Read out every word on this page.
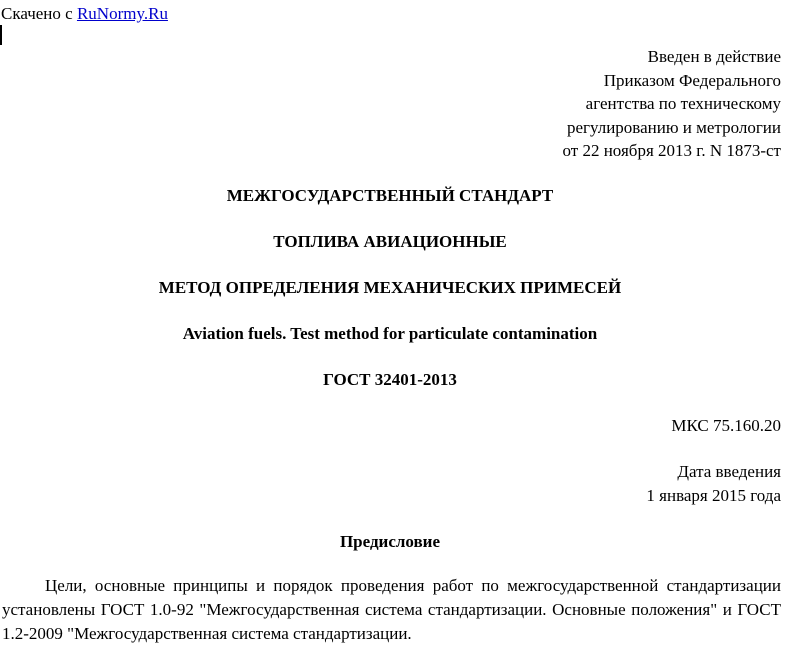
Скачено с RuNormy.Ru
Введен в действие
Приказом Федерального
агентства по техническому
регулированию и метрологии
от 22 ноября 2013 г. N 1873-ст
МЕЖГОСУДАРСТВЕННЫЙ СТАНДАРТ
ТОПЛИВА АВИАЦИОННЫЕ
МЕТОД ОПРЕДЕЛЕНИЯ МЕХАНИЧЕСКИХ ПРИМЕСЕЙ
Aviation fuels. Test method for particulate contamination
ГОСТ 32401-2013
МКС 75.160.20
Дата введения
1 января 2015 года
Предисловие
Цели, основные принципы и порядок проведения работ по межгосударственной стандартизации установлены ГОСТ 1.0-92 "Межгосударственная система стандартизации. Основные положения" и ГОСТ 1.2-2009 "Межгосударственная система стандартизации.
